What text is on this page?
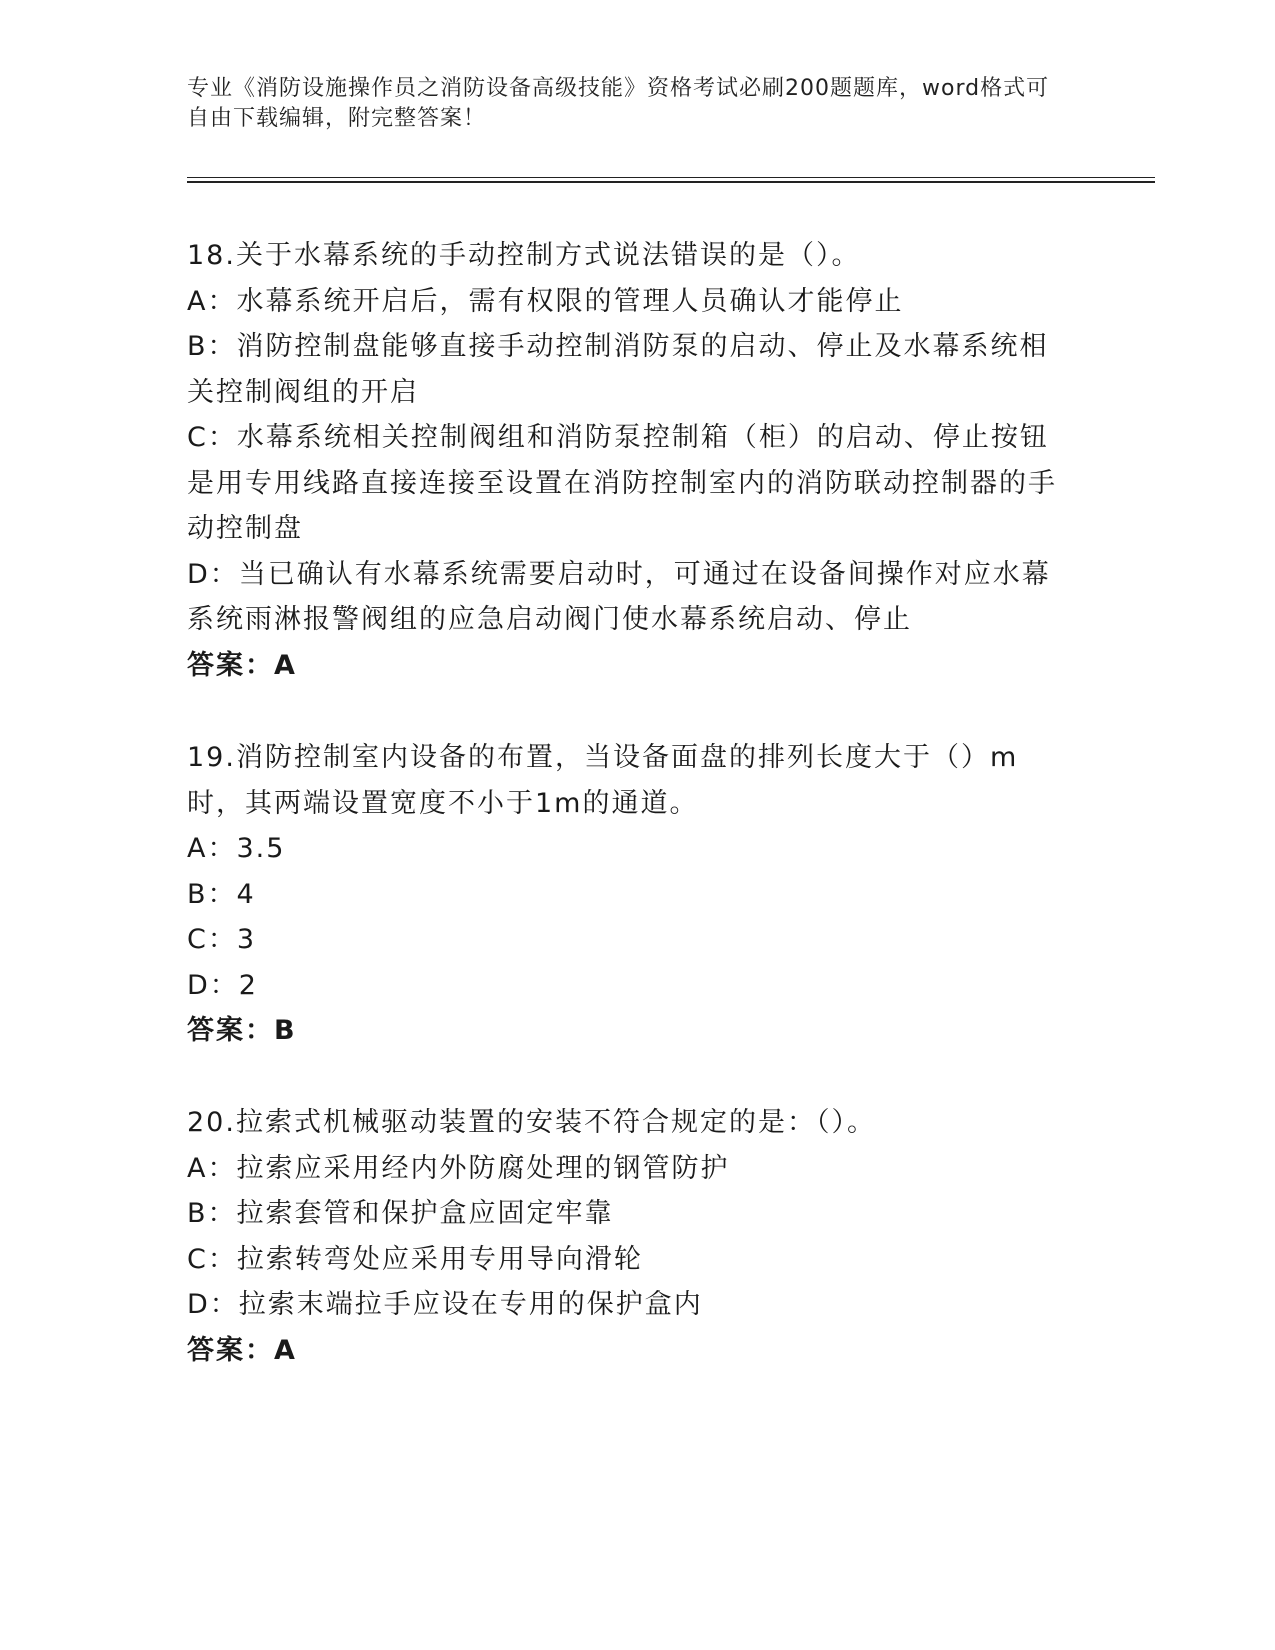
专业《消防设施操作员之消防设备高级技能》资格考试必刷200题题库，word格式可自由下载编辑，附完整答案！

18.关于水幕系统的手动控制方式说法错误的是（）。

A：水幕系统开启后，需有权限的管理人员确认才能停止

B：消防控制盘能够直接手动控制消防泵的启动、停止及水幕系统相关控制阀组的开启

C：水幕系统相关控制阀组和消防泵控制箱（柜）的启动、停止按钮是用专用线路直接连接至设置在消防控制室内的消防联动控制器的手动控制盘

D：当已确认有水幕系统需要启动时，可通过在设备间操作对应水幕系统雨淋报警阀组的应急启动阀门使水幕系统启动、停止

答案：A

19.消防控制室内设备的布置，当设备面盘的排列长度大于（）m时，其两端设置宽度不小于1m的通道。

A：3.5

B：4

C：3

D：2

答案：B

20.拉索式机械驱动装置的安装不符合规定的是：（）。

A：拉索应采用经内外防腐处理的钢管防护

B：拉索套管和保护盒应固定牢靠

C：拉索转弯处应采用专用导向滑轮

D：拉索末端拉手应设在专用的保护盒内

答案：A
